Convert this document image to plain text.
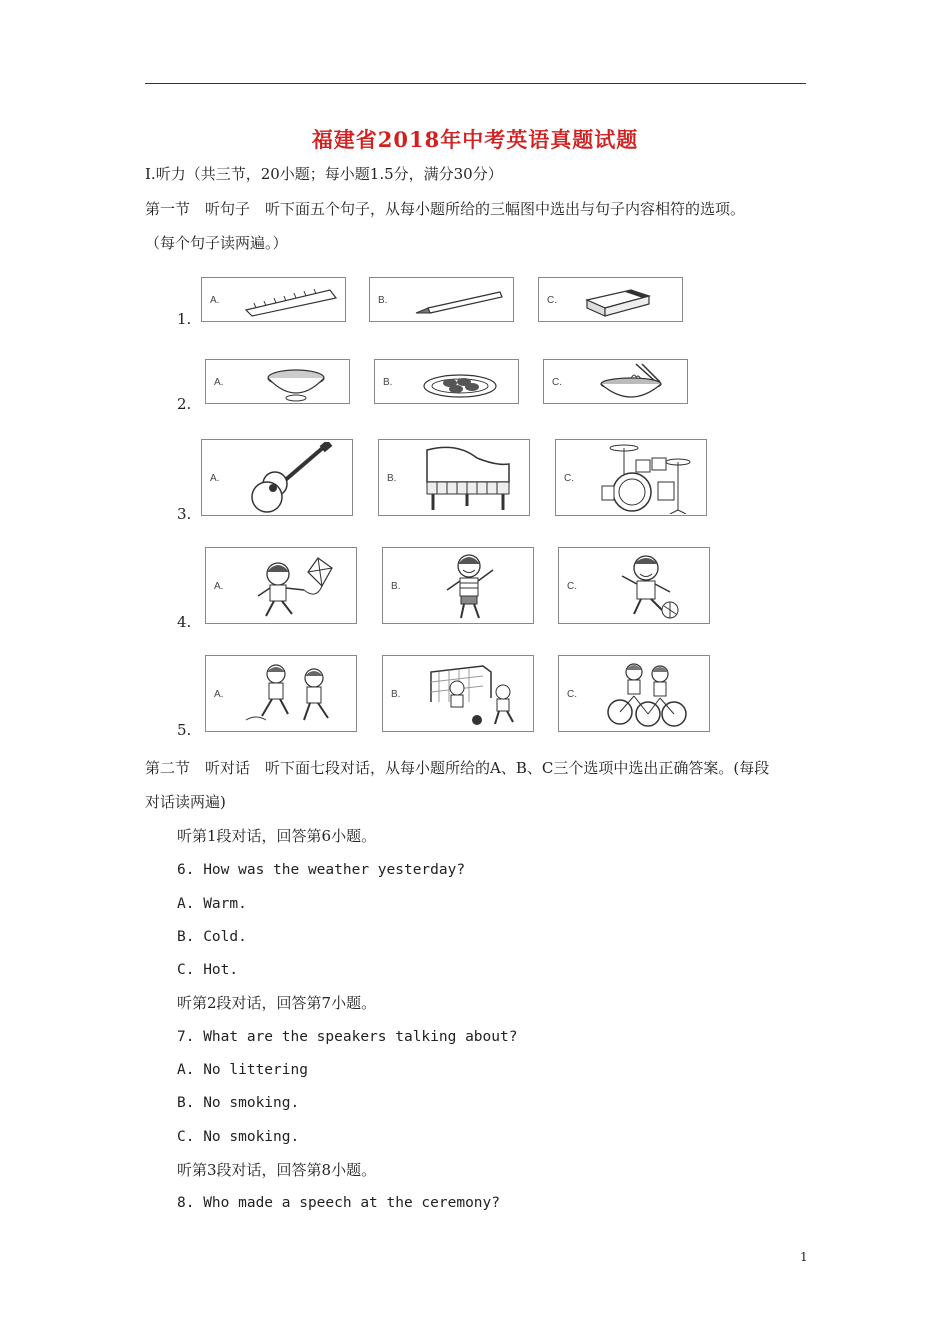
福建省2018年中考英语真题试题
Ⅰ.听力（共三节，20小题；每小题1.5分，满分30分）
第一节　听句子　听下面五个句子，从每小题所给的三幅图中选出与句子内容相符的选项。
（每个句子读两遍。）
1.
A.	B.	C.
2.
A.	B.	C.
3.
A.	B.	C.
4.
A.	B.	C.
5.
A.	B.	C.
第二节　听对话　听下面七段对话，从每小题所给的A、B、C三个选项中选出正确答案。(每段
对话读两遍)
听第1段对话，回答第6小题。
6. How was the weather yesterday?
A. Warm.
B. Cold.
C. Hot.
听第2段对话，回答第7小题。
7. What are the speakers talking about?
A. No littering
B. No smoking.
C. No smoking.
听第3段对话，回答第8小题。
8. Who made a speech at the ceremony?
1
